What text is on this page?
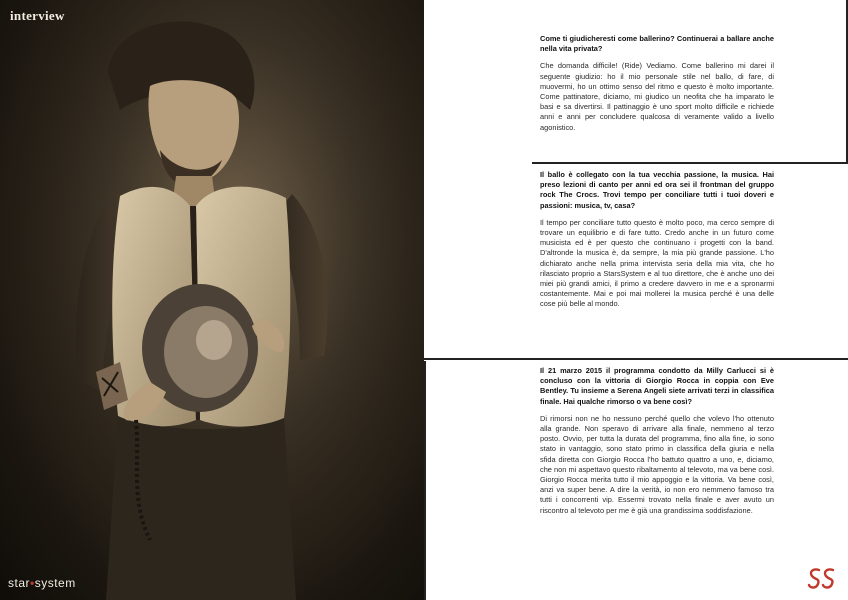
interview
star•system

Come ti giudicheresti come ballerino? Continuerai a ballare anche nella vita privata?

Che domanda difficile! (Ride) Vediamo. Come ballerino mi darei il seguente giudizio: ho il mio personale stile nel ballo, di fare, di muovermi, ho un ottimo senso del ritmo e questo è molto importante. Come pattinatore, diciamo, mi giudico un neofita che ha imparato le basi e sa divertirsi. Il pattinaggio è uno sport molto difficile e richiede anni e anni per concludere qualcosa di veramente valido a livello agonistico.

Il ballo è collegato con la tua vecchia passione, la musica. Hai preso lezioni di canto per anni ed ora sei il frontman del gruppo rock The Crocs. Trovi tempo per conciliare tutti i tuoi doveri e passioni: musica, tv, casa?

Il tempo per conciliare tutto questo è molto poco, ma cerco sempre di trovare un equilibrio e di fare tutto. Credo anche in un futuro come musicista ed è per questo che continuano i progetti con la band. D'altronde la musica è, da sempre, la mia più grande passione. L'ho dichiarato anche nella prima intervista seria della mia vita, che ho rilasciato proprio a StarsSystem e al tuo direttore, che è anche uno dei miei più grandi amici, il primo a credere davvero in me e a spronarmi costantemente. Mai e poi mai mollerei la musica perché è una delle cose più belle al mondo.

Il 21 marzo 2015 il programma condotto da Milly Carlucci si è concluso con la vittoria di Giorgio Rocca in coppia con Eve Bentley. Tu insieme a Serena Angeli siete arrivati terzi in classifica finale. Hai qualche rimorso o va bene così?

Di rimorsi non ne ho nessuno perché quello che volevo l'ho ottenuto alla grande. Non speravo di arrivare alla finale, nemmeno al terzo posto. Ovvio, per tutta la durata del programma, fino alla fine, io sono stato in vantaggio, sono stato primo in classifica della giuria e nella sfida diretta con Giorgio Rocca l'ho battuto quattro a uno, e, diciamo, che non mi aspettavo questo ribaltamento al televoto, ma va bene così. Giorgio Rocca merita tutto il mio appoggio e la vittoria. Va bene così, anzi va super bene. A dire la verità, io non ero nemmeno famoso tra tutti i concorrenti vip. Essermi trovato nella finale e aver avuto un riscontro al televoto per me è già una grandissima soddisfazione.
